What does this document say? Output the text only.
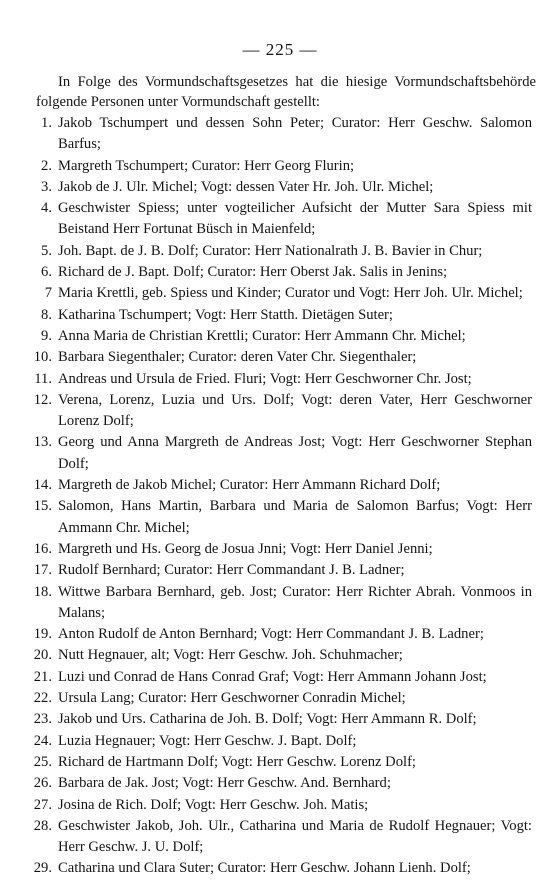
— 225 —
In Folge des Vormundschaftsgesetzes hat die hiesige Vormundschaftsbehörde folgende Personen unter Vormundschaft gestellt:
1. Jakob Tschumpert und dessen Sohn Peter; Curator: Herr Geschw. Salomon Barfus;
2. Margreth Tschumpert; Curator: Herr Georg Flurin;
3. Jakob de J. Ulr. Michel; Vogt: dessen Vater Hr. Joh. Ulr. Michel;
4. Geschwister Spiess; unter vogteilicher Aufsicht der Mutter Sara Spiess mit Beistand Herr Fortunat Büsch in Maienfeld;
5. Joh. Bapt. de J. B. Dolf; Curator: Herr Nationalrath J. B. Bavier in Chur;
6. Richard de J. Bapt. Dolf; Curator: Herr Oberst Jak. Salis in Jenins;
7 Maria Krettli, geb. Spiess und Kinder; Curator und Vogt: Herr Joh. Ulr. Michel;
8. Katharina Tschumpert; Vogt: Herr Statth. Dietägen Suter;
9. Anna Maria de Christian Krettli; Curator: Herr Ammann Chr. Michel;
10. Barbara Siegenthaler; Curator: deren Vater Chr. Siegenthaler;
11. Andreas und Ursula de Fried. Fluri; Vogt: Herr Geschworner Chr. Jost;
12. Verena, Lorenz, Luzia und Urs. Dolf; Vogt: deren Vater, Herr Geschworner Lorenz Dolf;
13. Georg und Anna Margreth de Andreas Jost; Vogt: Herr Geschworner Stephan Dolf;
14. Margreth de Jakob Michel; Curator: Herr Ammann Richard Dolf;
15. Salomon, Hans Martin, Barbara und Maria de Salomon Barfus; Vogt: Herr Ammann Chr. Michel;
16. Margreth und Hs. Georg de Josua Jnni; Vogt: Herr Daniel Jenni;
17. Rudolf Bernhard; Curator: Herr Commandant J. B. Ladner;
18. Wittwe Barbara Bernhard, geb. Jost; Curator: Herr Richter Abrah. Vonmoos in Malans;
19. Anton Rudolf de Anton Bernhard; Vogt: Herr Commandant J. B. Ladner;
20. Nutt Hegnauer, alt; Vogt: Herr Geschw. Joh. Schuhmacher;
21. Luzi und Conrad de Hans Conrad Graf; Vogt: Herr Ammann Johann Jost;
22. Ursula Lang; Curator: Herr Geschworner Conradin Michel;
23. Jakob und Urs. Catharina de Joh. B. Dolf; Vogt: Herr Ammann R. Dolf;
24. Luzia Hegnauer; Vogt: Herr Geschw. J. Bapt. Dolf;
25. Richard de Hartmann Dolf; Vogt: Herr Geschw. Lorenz Dolf;
26. Barbara de Jak. Jost; Vogt: Herr Geschw. And. Bernhard;
27. Josina de Rich. Dolf; Vogt: Herr Geschw. Joh. Matis;
28. Geschwister Jakob, Joh. Ulr., Catharina und Maria de Rudolf Hegnauer; Vogt: Herr Geschw. J. U. Dolf;
29. Catharina und Clara Suter; Curator: Herr Geschw. Johann Lienh. Dolf;
